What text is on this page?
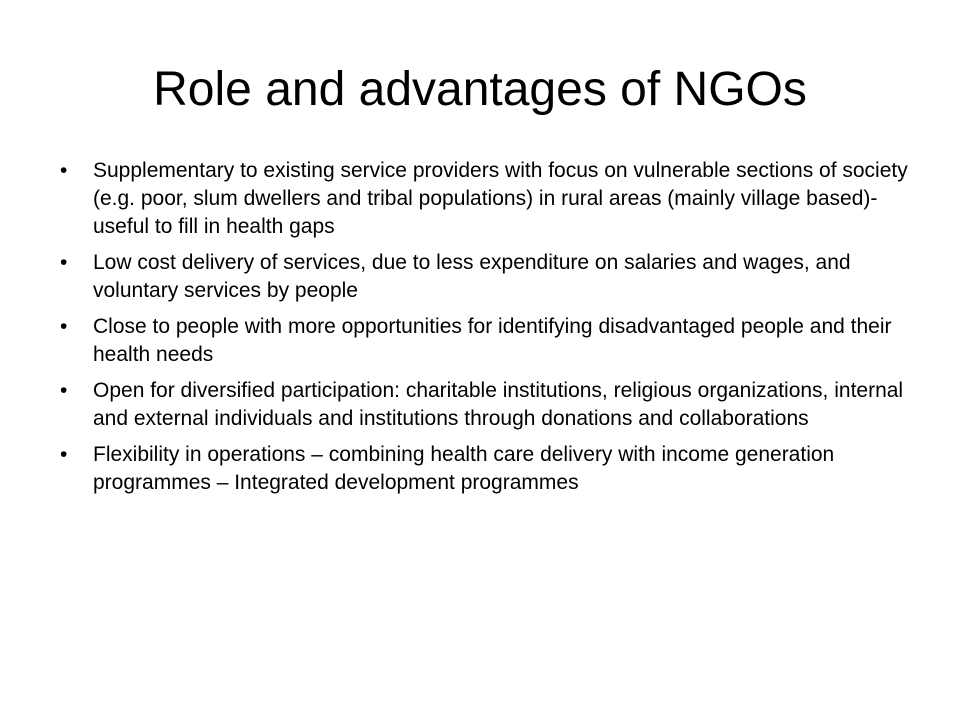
Role and advantages of NGOs
•	Supplementary to existing service providers with focus on vulnerable sections of society (e.g. poor, slum dwellers and tribal populations) in rural areas (mainly village based)- useful to fill in health gaps
•	Low cost delivery of services, due to less expenditure on salaries and wages, and voluntary services by people
•	Close to people with more opportunities for identifying disadvantaged people and their health needs
•	Open for diversified participation: charitable institutions, religious organizations, internal and external individuals and institutions through donations and collaborations
•	Flexibility in operations – combining health care delivery with income generation programmes – Integrated development programmes
